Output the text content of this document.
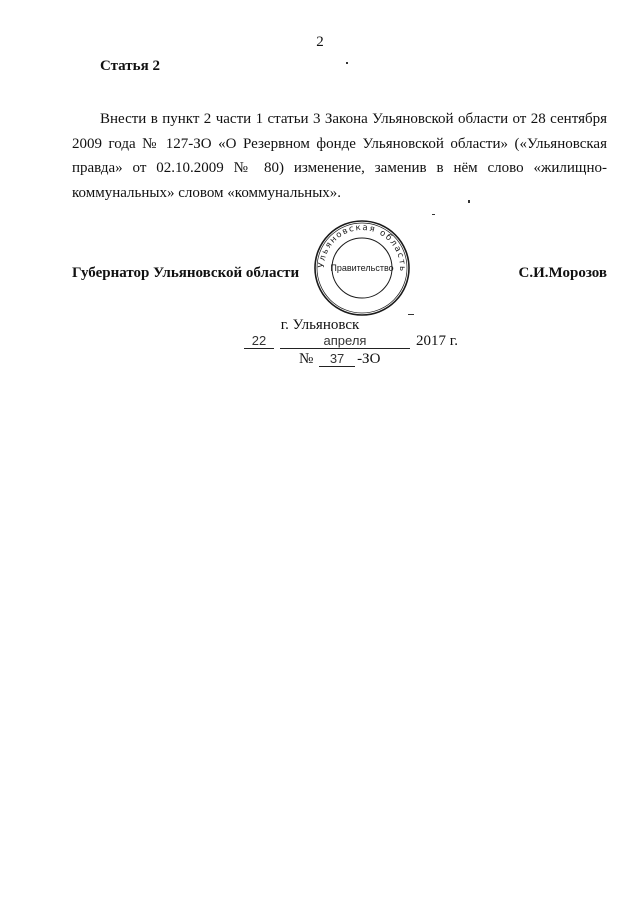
2
Статья 2

Внести в пункт 2 части 1 статьи 3 Закона Ульяновской области от 28 сентября 2009 года № 127-ЗО «О Резервном фонде Ульяновской области» («Ульяновская правда» от 02.10.2009 № 80) изменение, заменив в нём слово «жилищно-коммунальных» словом «коммунальных».

Губернатор Ульяновской области	С.И.Морозов
Ульяновская область
Правительство
г. Ульяновск
22	апреля	2017 г.
№ 37 -ЗО
